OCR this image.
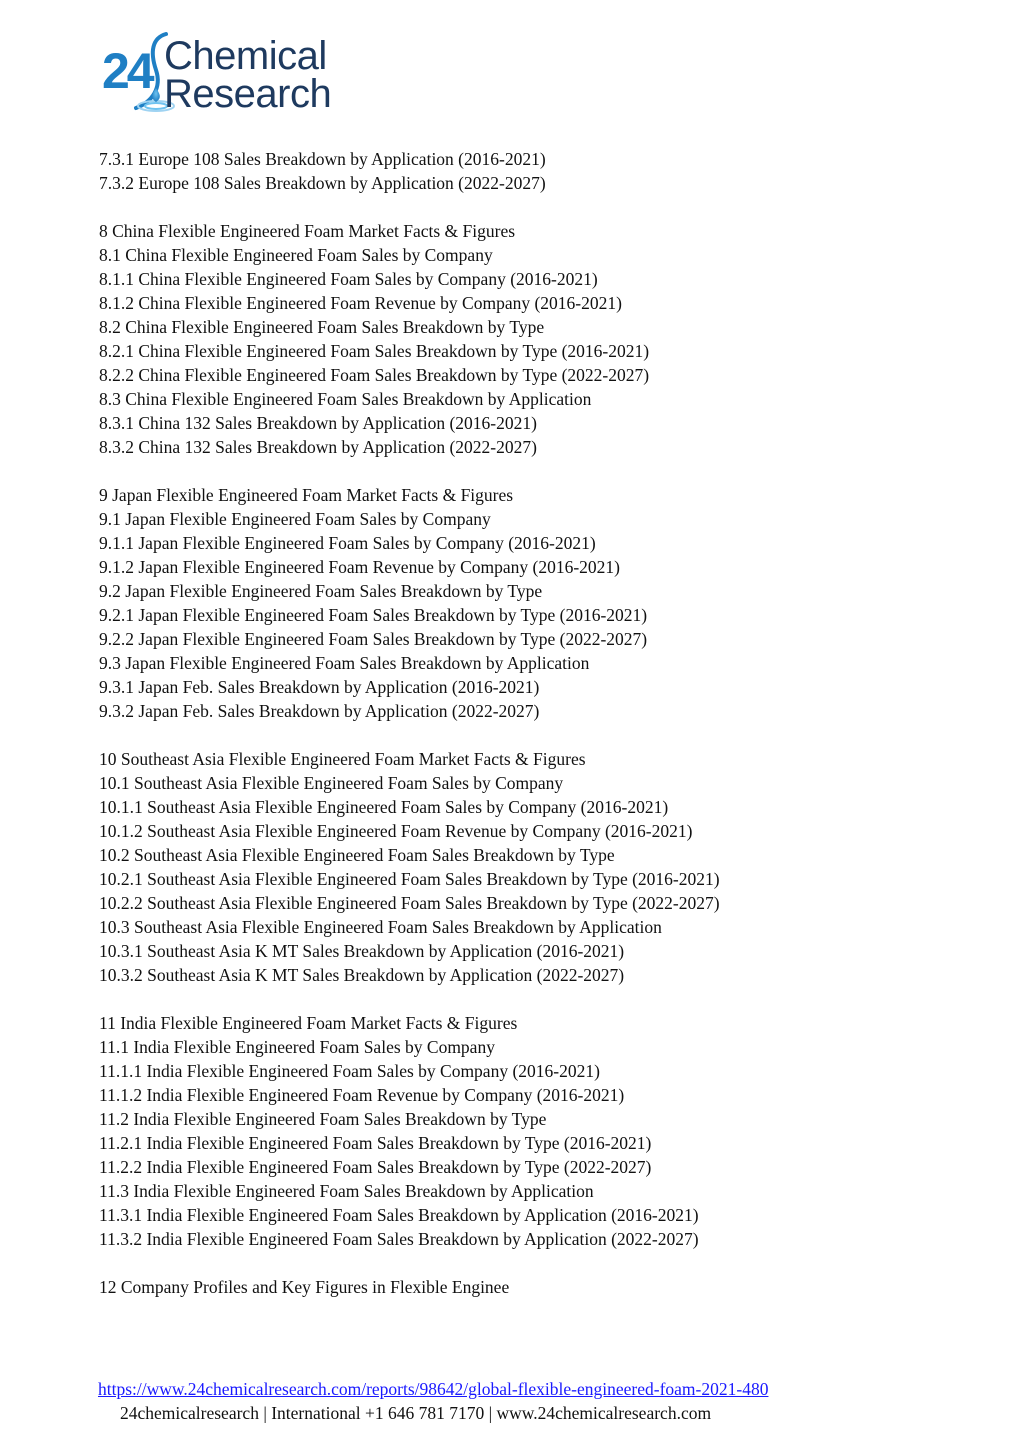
24 Chemical
Research
7.3.1 Europe 108 Sales Breakdown by Application (2016-2021)
7.3.2 Europe 108 Sales Breakdown by Application (2022-2027)
8 China Flexible Engineered Foam Market Facts & Figures
8.1 China Flexible Engineered Foam Sales by Company
8.1.1 China Flexible Engineered Foam Sales by Company (2016-2021)
8.1.2 China Flexible Engineered Foam Revenue by Company (2016-2021)
8.2 China Flexible Engineered Foam Sales Breakdown by Type
8.2.1 China Flexible Engineered Foam Sales Breakdown by Type (2016-2021)
8.2.2 China Flexible Engineered Foam Sales Breakdown by Type (2022-2027)
8.3 China Flexible Engineered Foam Sales Breakdown by Application
8.3.1 China 132 Sales Breakdown by Application (2016-2021)
8.3.2 China 132 Sales Breakdown by Application (2022-2027)
9 Japan Flexible Engineered Foam Market Facts & Figures
9.1 Japan Flexible Engineered Foam Sales by Company
9.1.1 Japan Flexible Engineered Foam Sales by Company (2016-2021)
9.1.2 Japan Flexible Engineered Foam Revenue by Company (2016-2021)
9.2 Japan Flexible Engineered Foam Sales Breakdown by Type
9.2.1 Japan Flexible Engineered Foam Sales Breakdown by Type (2016-2021)
9.2.2 Japan Flexible Engineered Foam Sales Breakdown by Type (2022-2027)
9.3 Japan Flexible Engineered Foam Sales Breakdown by Application
9.3.1 Japan Feb. Sales Breakdown by Application (2016-2021)
9.3.2 Japan Feb. Sales Breakdown by Application (2022-2027)
10 Southeast Asia Flexible Engineered Foam Market Facts & Figures
10.1 Southeast Asia Flexible Engineered Foam Sales by Company
10.1.1 Southeast Asia Flexible Engineered Foam Sales by Company (2016-2021)
10.1.2 Southeast Asia Flexible Engineered Foam Revenue by Company (2016-2021)
10.2 Southeast Asia Flexible Engineered Foam Sales Breakdown by Type
10.2.1 Southeast Asia Flexible Engineered Foam Sales Breakdown by Type (2016-2021)
10.2.2 Southeast Asia Flexible Engineered Foam Sales Breakdown by Type (2022-2027)
10.3 Southeast Asia Flexible Engineered Foam Sales Breakdown by Application
10.3.1 Southeast Asia K MT Sales Breakdown by Application (2016-2021)
10.3.2 Southeast Asia K MT Sales Breakdown by Application (2022-2027)
11 India Flexible Engineered Foam Market Facts & Figures
11.1 India Flexible Engineered Foam Sales by Company
11.1.1 India Flexible Engineered Foam Sales by Company (2016-2021)
11.1.2 India Flexible Engineered Foam Revenue by Company (2016-2021)
11.2 India Flexible Engineered Foam Sales Breakdown by Type
11.2.1 India Flexible Engineered Foam Sales Breakdown by Type (2016-2021)
11.2.2 India Flexible Engineered Foam Sales Breakdown by Type (2022-2027)
11.3 India Flexible Engineered Foam Sales Breakdown by Application
11.3.1 India Flexible Engineered Foam Sales Breakdown by Application (2016-2021)
11.3.2 India Flexible Engineered Foam Sales Breakdown by Application (2022-2027)
12 Company Profiles and Key Figures in Flexible Enginee
https://www.24chemicalresearch.com/reports/98642/global-flexible-engineered-foam-2021-480
24chemicalresearch | International +1 646 781 7170 | www.24chemicalresearch.com
